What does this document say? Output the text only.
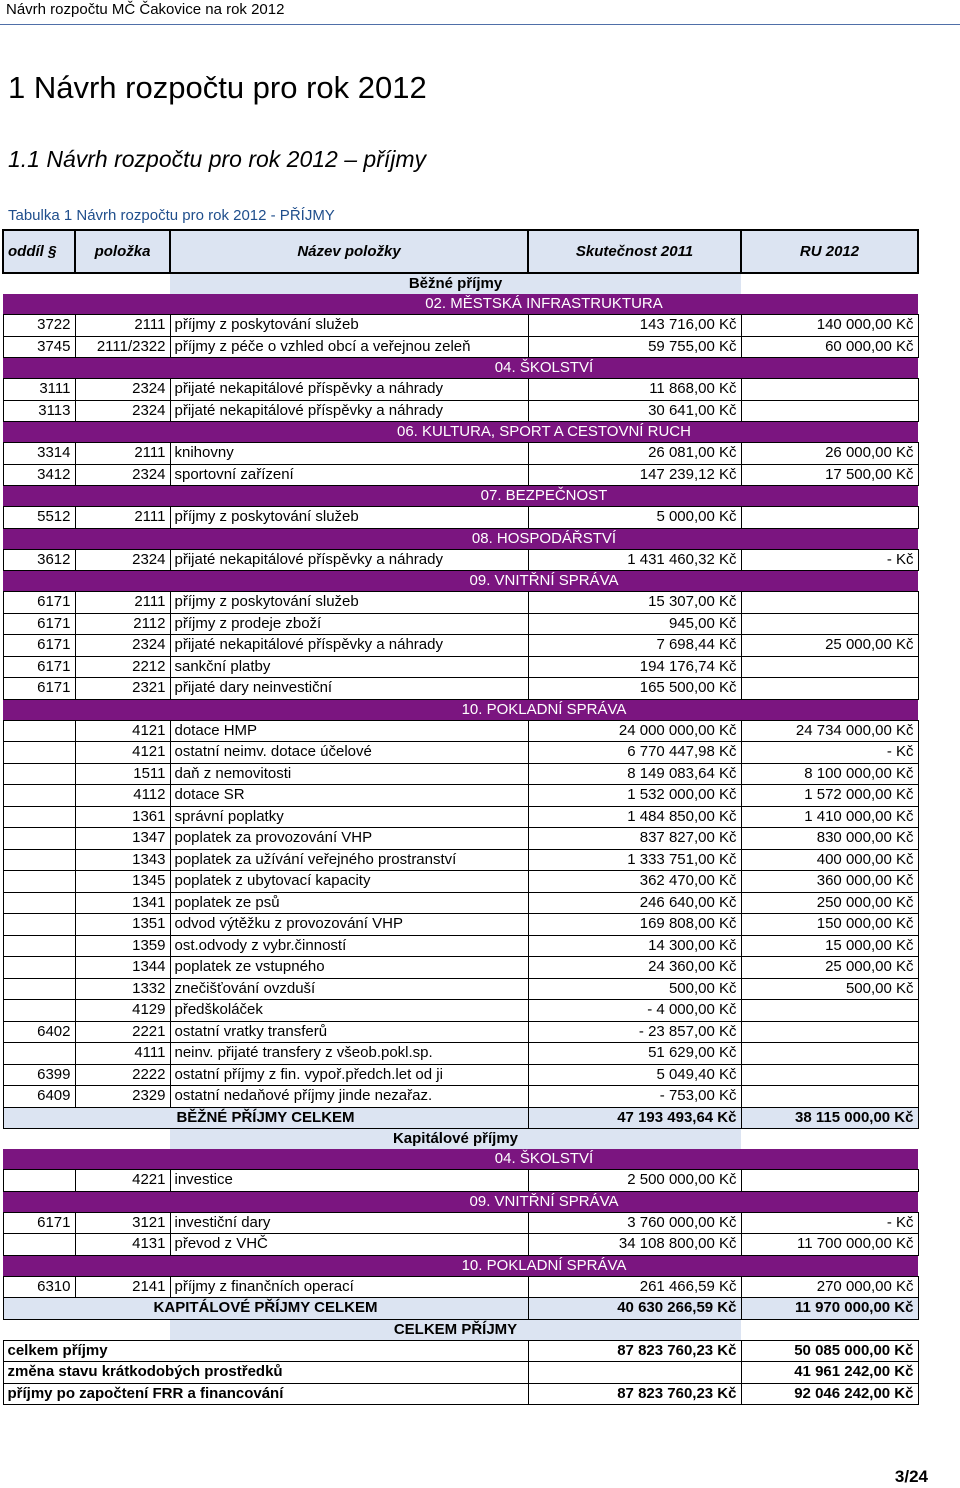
Návrh rozpočtu MČ Čakovice na rok 2012
1 Návrh rozpočtu pro rok 2012
1.1 Návrh rozpočtu pro rok 2012 – příjmy
Tabulka 1 Návrh rozpočtu pro rok 2012 - PŘÍJMY
oddíl §	položka	Název položky	Skutečnost 2011	RU 2012
		Běžné příjmy		
		02. MĚSTSKÁ INFRASTRUKTURA		
3722	2111	příjmy z poskytování služeb	143 716,00 Kč	140 000,00 Kč
3745	2111/2322	příjmy z péče o vzhled obcí a veřejnou zeleň	59 755,00 Kč	60 000,00 Kč
		04. ŠKOLSTVÍ		
3111	2324	přijaté nekapitálové příspěvky a náhrady	11 868,00 Kč	
3113	2324	přijaté nekapitálové příspěvky a náhrady	30 641,00 Kč	
		06. KULTURA, SPORT A CESTOVNÍ RUCH		
3314	2111	knihovny	26 081,00 Kč	26 000,00 Kč
3412	2324	sportovní zařízení	147 239,12 Kč	17 500,00 Kč
		07. BEZPEČNOST		
5512	2111	příjmy z poskytování služeb	5 000,00 Kč	
		08. HOSPODÁŘSTVÍ		
3612	2324	přijaté nekapitálové příspěvky a náhrady	1 431 460,32 Kč	- Kč
		09. VNITŘNÍ SPRÁVA		
6171	2111	příjmy z poskytování služeb	15 307,00 Kč	
6171	2112	příjmy z prodeje zboží	945,00 Kč	
6171	2324	přijaté nekapitálové příspěvky a náhrady	7 698,44 Kč	25 000,00 Kč
6171	2212	sankční platby	194 176,74 Kč	
6171	2321	přijaté dary neinvestiční	165 500,00 Kč	
		10. POKLADNÍ SPRÁVA		
	4121	dotace HMP	24 000 000,00 Kč	24 734 000,00 Kč
	4121	ostatní neimv. dotace účelové	6 770 447,98 Kč	- Kč
	1511	daň z nemovitosti	8 149 083,64 Kč	8 100 000,00 Kč
	4112	dotace SR	1 532 000,00 Kč	1 572 000,00 Kč
	1361	správní poplatky	1 484 850,00 Kč	1 410 000,00 Kč
	1347	poplatek za provozování VHP	837 827,00 Kč	830 000,00 Kč
	1343	poplatek za užívání veřejného prostranství	1 333 751,00 Kč	400 000,00 Kč
	1345	poplatek z ubytovací kapacity	362 470,00 Kč	360 000,00 Kč
	1341	poplatek ze psů	246 640,00 Kč	250 000,00 Kč
	1351	odvod výtěžku z provozování VHP	169 808,00 Kč	150 000,00 Kč
	1359	ost.odvody z vybr.činností	14 300,00 Kč	15 000,00 Kč
	1344	poplatek ze vstupného	24 360,00 Kč	25 000,00 Kč
	1332	znečišťování ovzduší	500,00 Kč	500,00 Kč
	4129	předškoláček	- 4 000,00 Kč	
6402	2221	ostatní vratky transferů	- 23 857,00 Kč	
	4111	neinv. přijaté transfery z všeob.pokl.sp.	51 629,00 Kč	
6399	2222	ostatní příjmy z fin. vypoř.předch.let od ji	5 049,40 Kč	
6409	2329	ostatní nedaňové příjmy jinde nezařaz.	- 753,00 Kč	
BĚŽNÉ PŘÍJMY CELKEM			47 193 493,64 Kč	38 115 000,00 Kč
		Kapitálové příjmy		
		04. ŠKOLSTVÍ		
	4221	investice	2 500 000,00 Kč	
		09. VNITŘNÍ SPRÁVA		
6171	3121	investiční dary	3 760 000,00 Kč	- Kč
	4131	převod z VHČ	34 108 800,00 Kč	11 700 000,00 Kč
		10. POKLADNÍ SPRÁVA		
6310	2141	příjmy z finančních operací	261 466,59 Kč	270 000,00 Kč
KAPITÁLOVÉ PŘÍJMY CELKEM			40 630 266,59 Kč	11 970 000,00 Kč
		CELKEM PŘÍJMY		
celkem příjmy			87 823 760,23 Kč	50 085 000,00 Kč
změna stavu krátkodobých prostředků				41 961 242,00 Kč
příjmy po započtení FRR a financování			87 823 760,23 Kč	92 046 242,00 Kč
3/24
